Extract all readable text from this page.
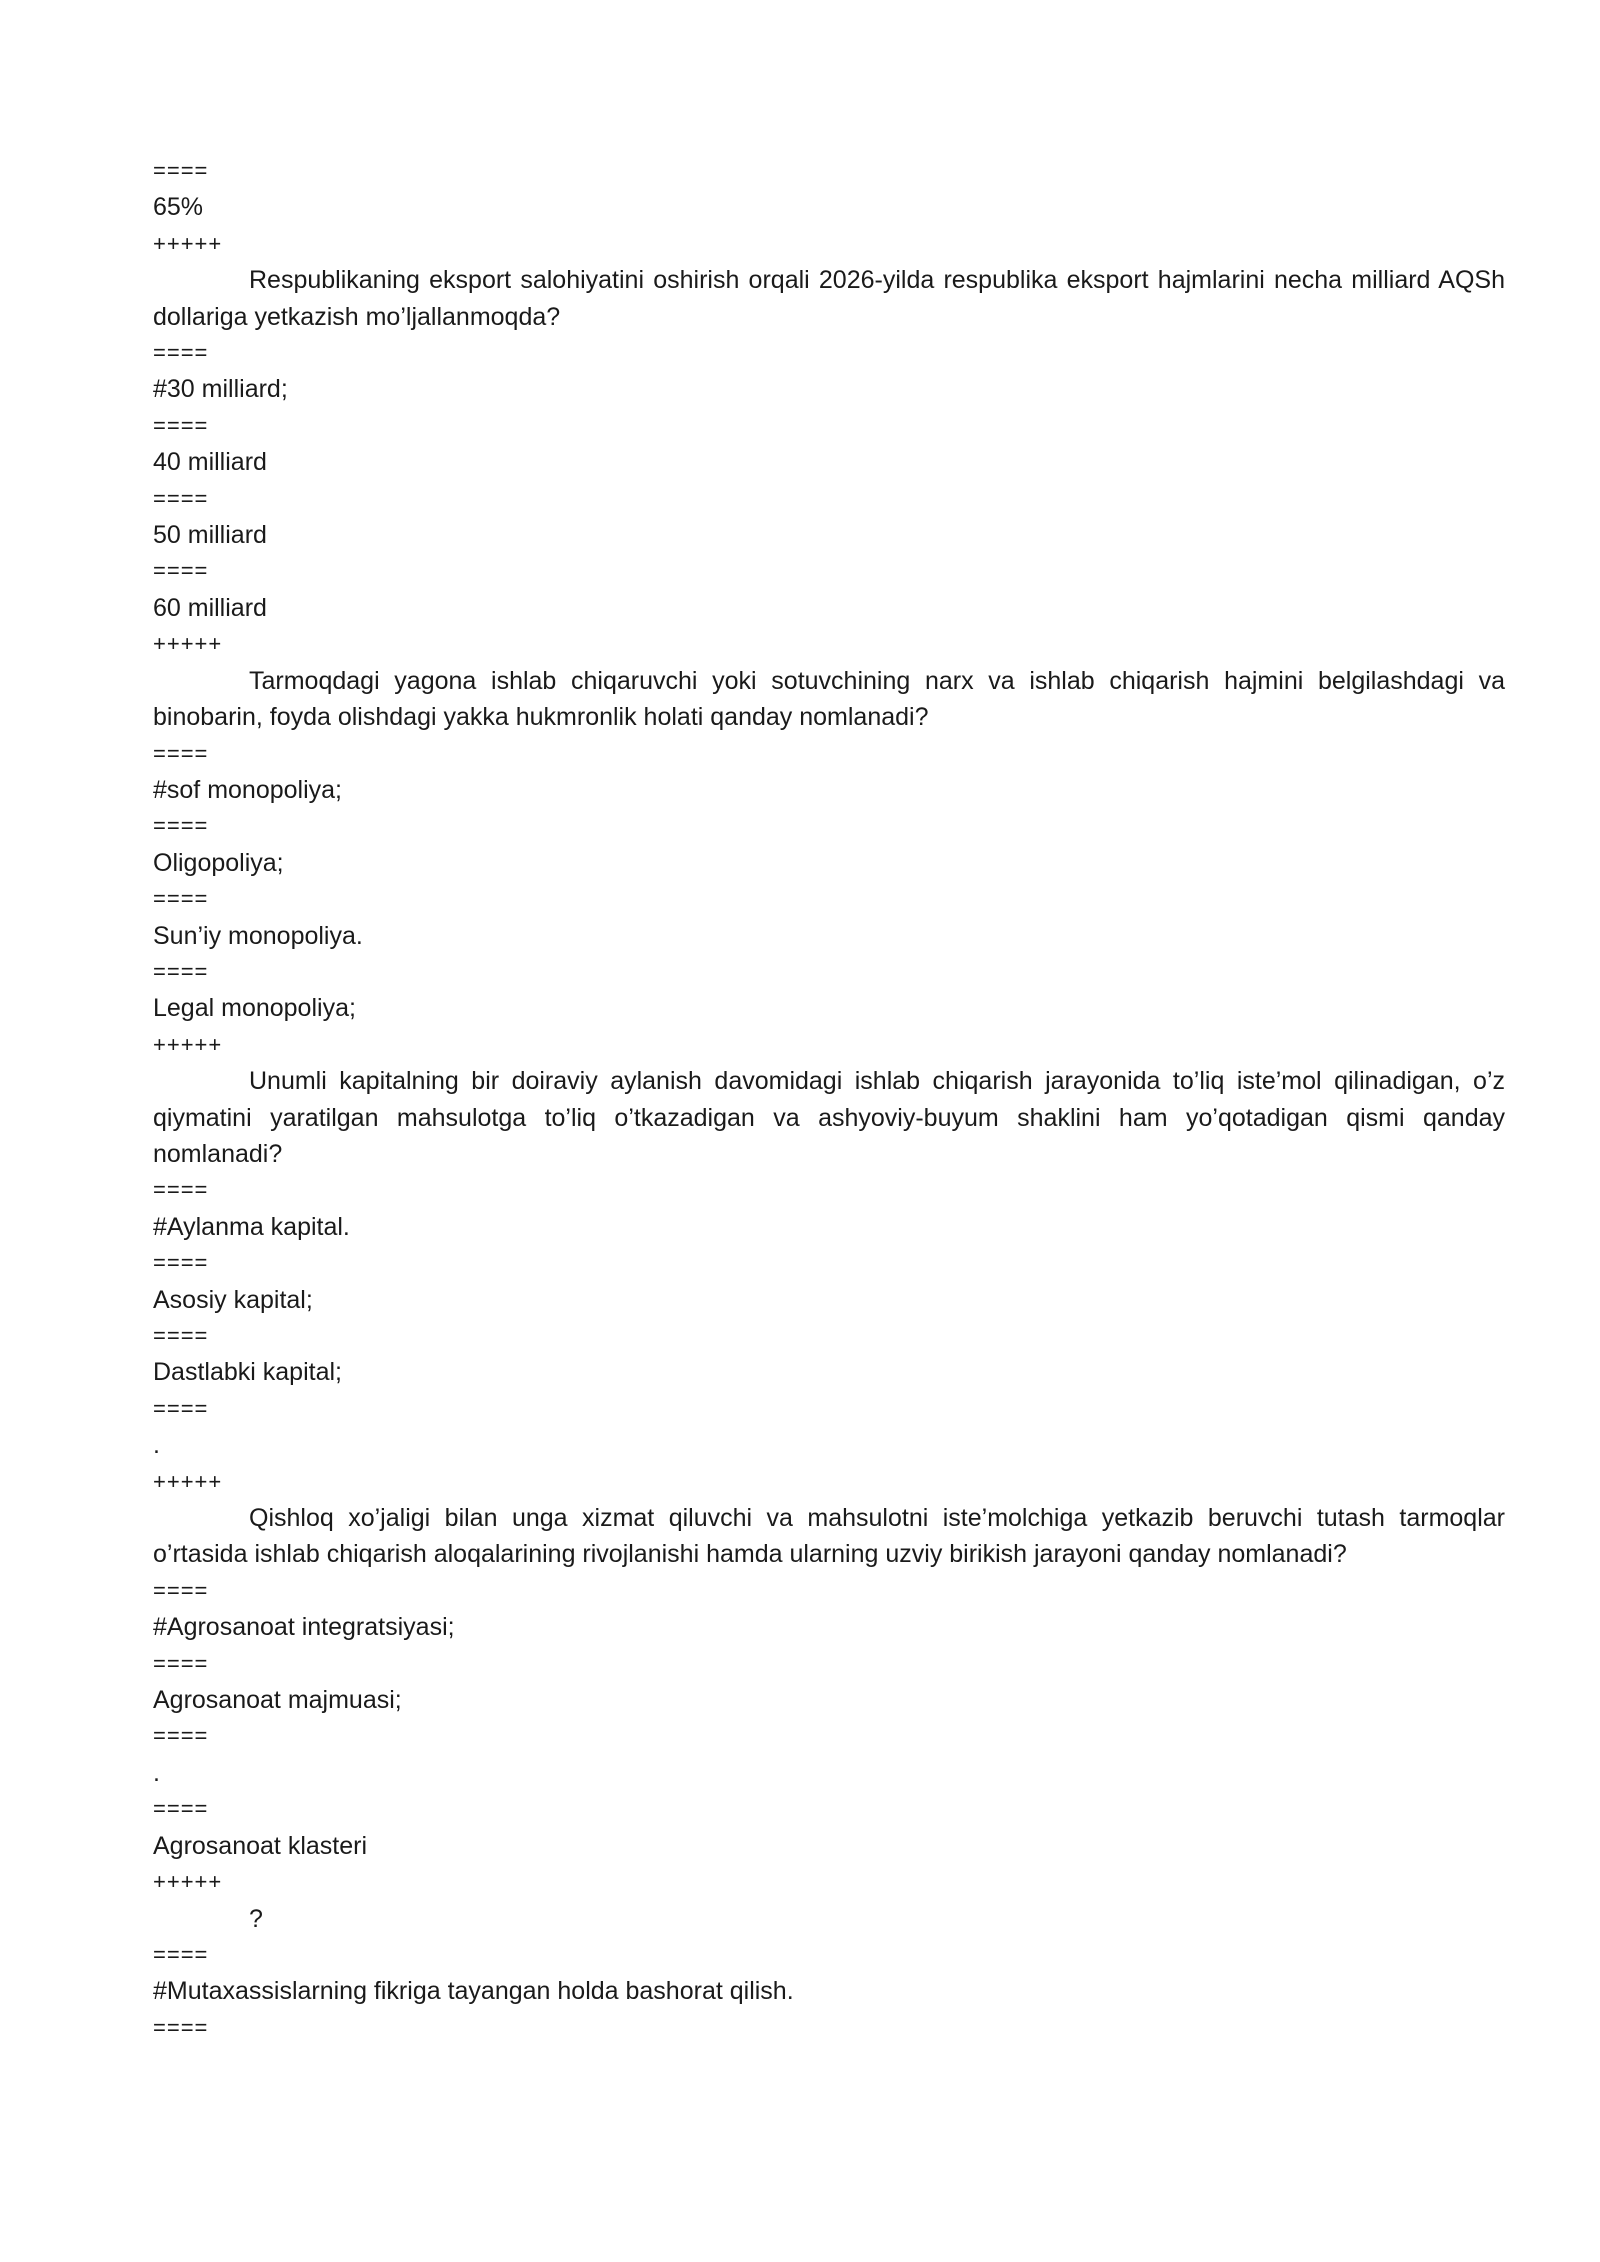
====

65%

+++++

Respublikaning eksport salohiyatini oshirish orqali 2026-yilda respublika eksport hajmlarini necha milliard AQSh dollariga yetkazish mo’ljallanmoqda?

====

#30 milliard;

====

40 milliard

====

50 milliard

====

60 milliard

+++++

Tarmoqdagi yagona ishlab chiqaruvchi yoki sotuvchining narx va ishlab chiqarish hajmini belgilashdagi va binobarin, foyda olishdagi yakka hukmronlik holati qanday nomlanadi?

====

#sof monopoliya;

====

Oligopoliya;

====

Sun’iy monopoliya.

====

Legal monopoliya;

+++++

Unumli kapitalning bir doiraviy aylanish davomidagi ishlab chiqarish jarayonida to’liq iste’mol qilinadigan, o’z qiymatini yaratilgan mahsulotga to’liq o’tkazadigan va ashyoviy-buyum shaklini ham yo’qotadigan qismi qanday nomlanadi?

====

#Aylanma kapital.

====

Asosiy kapital;

====

Dastlabki kapital;

====

.

+++++

Qishloq xo’jaligi bilan unga xizmat qiluvchi va mahsulotni iste’molchiga yetkazib beruvchi tutash tarmoqlar o’rtasida ishlab chiqarish aloqalarining rivojlanishi hamda ularning uzviy birikish jarayoni qanday nomlanadi?

====

#Agrosanoat integratsiyasi;

====

Agrosanoat majmuasi;

====

.

====

Agrosanoat klasteri

+++++

?

====

#Mutaxassislarning fikriga tayangan holda bashorat qilish.

====
